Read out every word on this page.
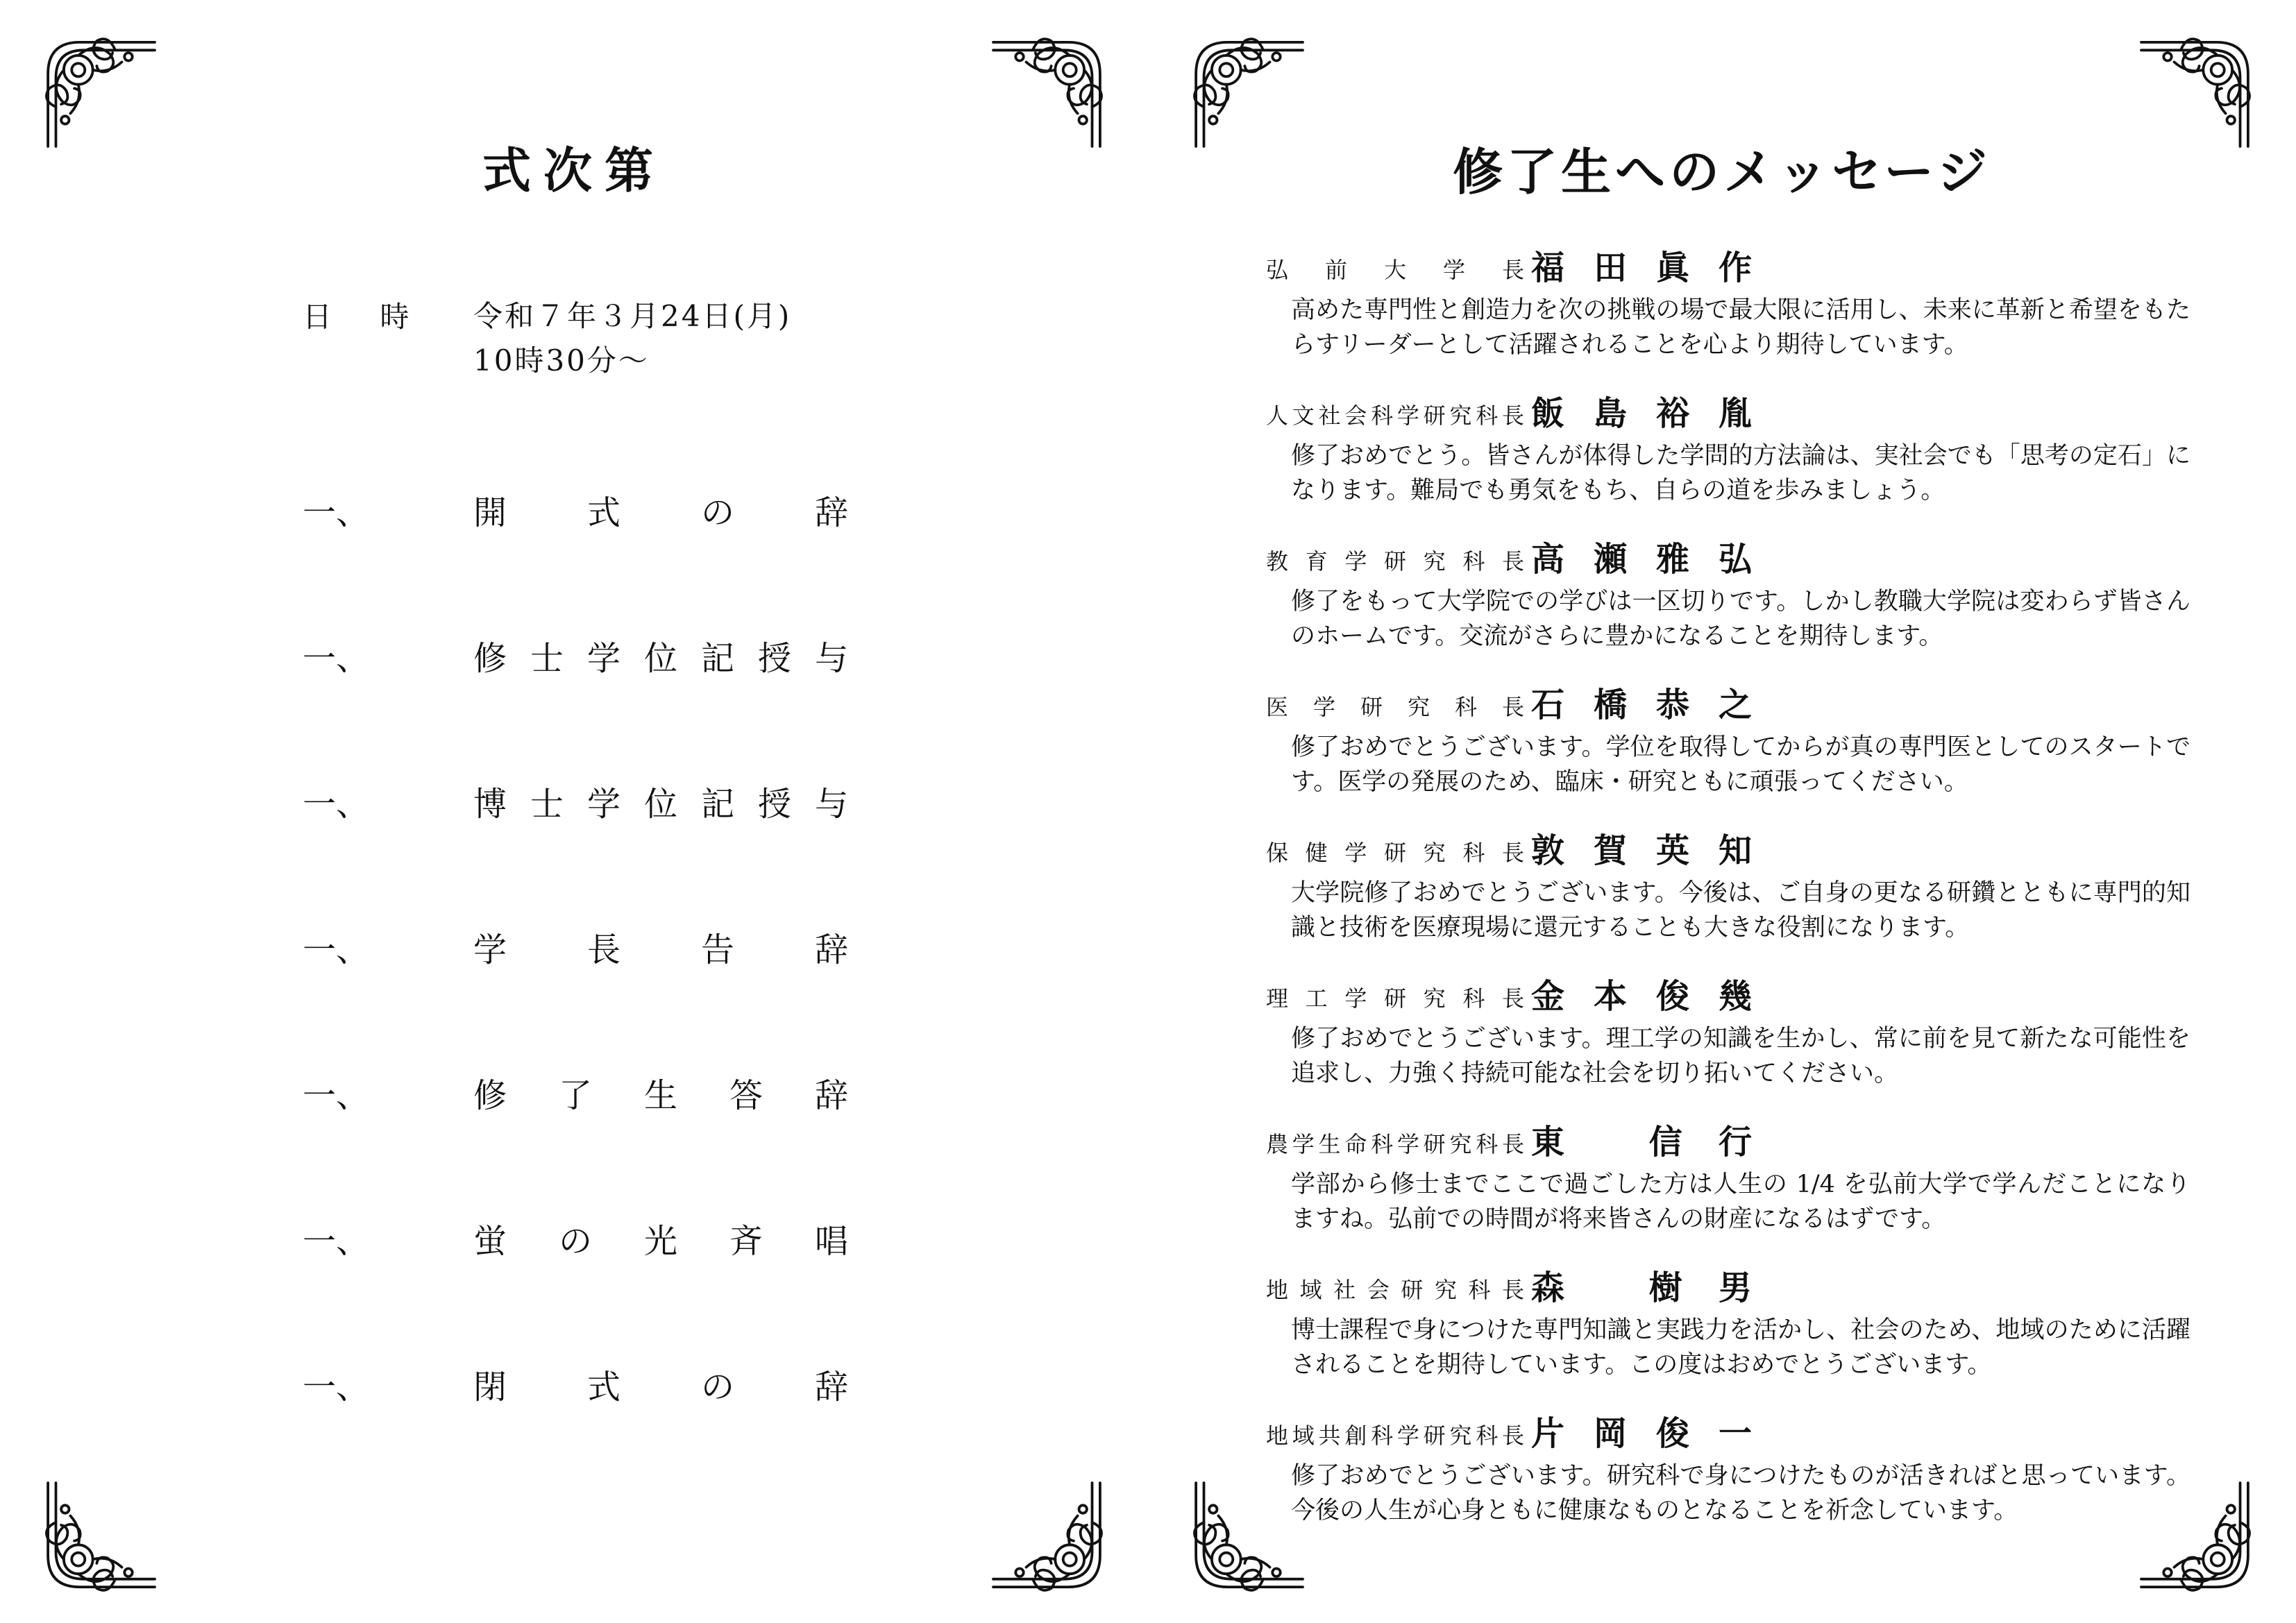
式次第
日 時 令和７年３月24日(月)
10時30分～
一、	開 式 の 辞
一、	修士学位記授与
一、	博士学位記授与
一、	学 長 告 辞
一、	修 了 生 答 辞
一、	蛍の光斉唱
一、	閉 式 の 辞
修了生へのメッセージ
弘前大学長 福田眞作
高めた専門性と創造力を次の挑戦の場で最大限に活用し、未来に革新と希望をもたらすリーダーとして活躍されることを心より期待しています。
人文社会科学研究科長 飯島裕胤
修了おめでとう。皆さんが体得した学問的方法論は、実社会でも「思考の定石」になります。難局でも勇気をもち、自らの道を歩みましょう。
教育学研究科長 高瀬雅弘
修了をもって大学院での学びは一区切りです。しかし教職大学院は変わらず皆さんのホームです。交流がさらに豊かになることを期待します。
医学研究科長 石橋恭之
修了おめでとうございます。学位を取得してからが真の専門医としてのスタートです。医学の発展のため、臨床・研究ともに頑張ってください。
保健学研究科長 敦賀英知
大学院修了おめでとうございます。今後は、ご自身の更なる研鑽とともに専門的知識と技術を医療現場に還元することも大きな役割になります。
理工学研究科長 金本俊幾
修了おめでとうございます。理工学の知識を生かし、常に前を見て新たな可能性を追求し、力強く持続可能な社会を切り拓いてください。
農学生命科学研究科長 東 信行
学部から修士までここで過ごした方は人生の 1/4 を弘前大学で学んだことになりますね。弘前での時間が将来皆さんの財産になるはずです。
地域社会研究科長 森 樹男
博士課程で身につけた専門知識と実践力を活かし、社会のため、地域のために活躍されることを期待しています。この度はおめでとうございます。
地域共創科学研究科長 片岡俊一
修了おめでとうございます。研究科で身につけたものが活きればと思っています。今後の人生が心身ともに健康なものとなることを祈念しています。
